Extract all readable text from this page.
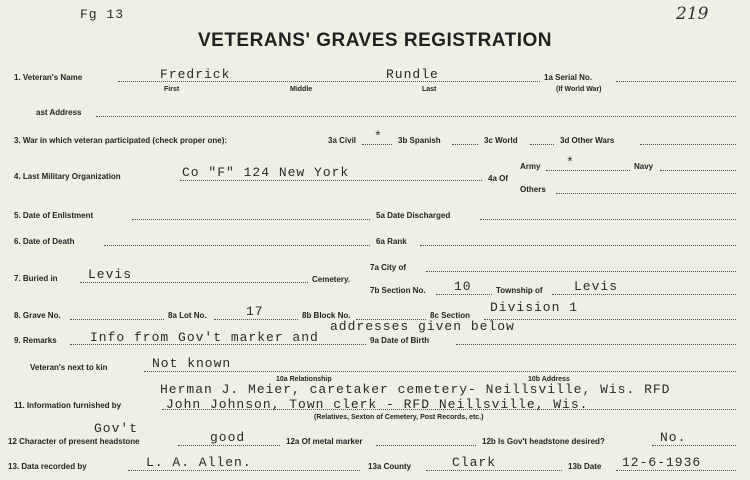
Fg 13	219
VETERANS' GRAVES REGISTRATION
1. Veteran's Name	Fredrick	Rundle
First	Middle	Last
1a Serial No.
(If World War)
ast Address
3. War in which veteran participated (check proper one):	3a Civil * 3b Spanish	3c World	3d Other Wars
4. Last Military Organization	Co "F" 124 New York	4a Of
Army *	Navy
Others
5. Date of Enlistment	5a Date Discharged
6. Date of Death	6a Rank
7. Buried in Levis	Cemetery.
7a City of
7b Section No. 10	Township of Levis
8. Grave No.	8a Lot No.	17	8b Block No.	8c Section
Division 1
9. Remarks	Info from Gov't marker and
addresses given below
9a Date of Birth
Veteran's next to kin	Not known
10a Relationship	10b Address
Herman J. Meier, caretaker cemetery- Neillsville, Wis. RFD
11. Information furnished by	John Johnson, Town clerk - RFD Neillsville, Wis.
(Relatives, Sexton of Cemetery, Post Records, etc.)
Gov't
12 Character of present headstone	good	12a Of metal marker	12b Is Gov't headstone desired?	No.
13. Data recorded by	L. A. Allen.	13a County	Clark	13b Date 12-6-1936
